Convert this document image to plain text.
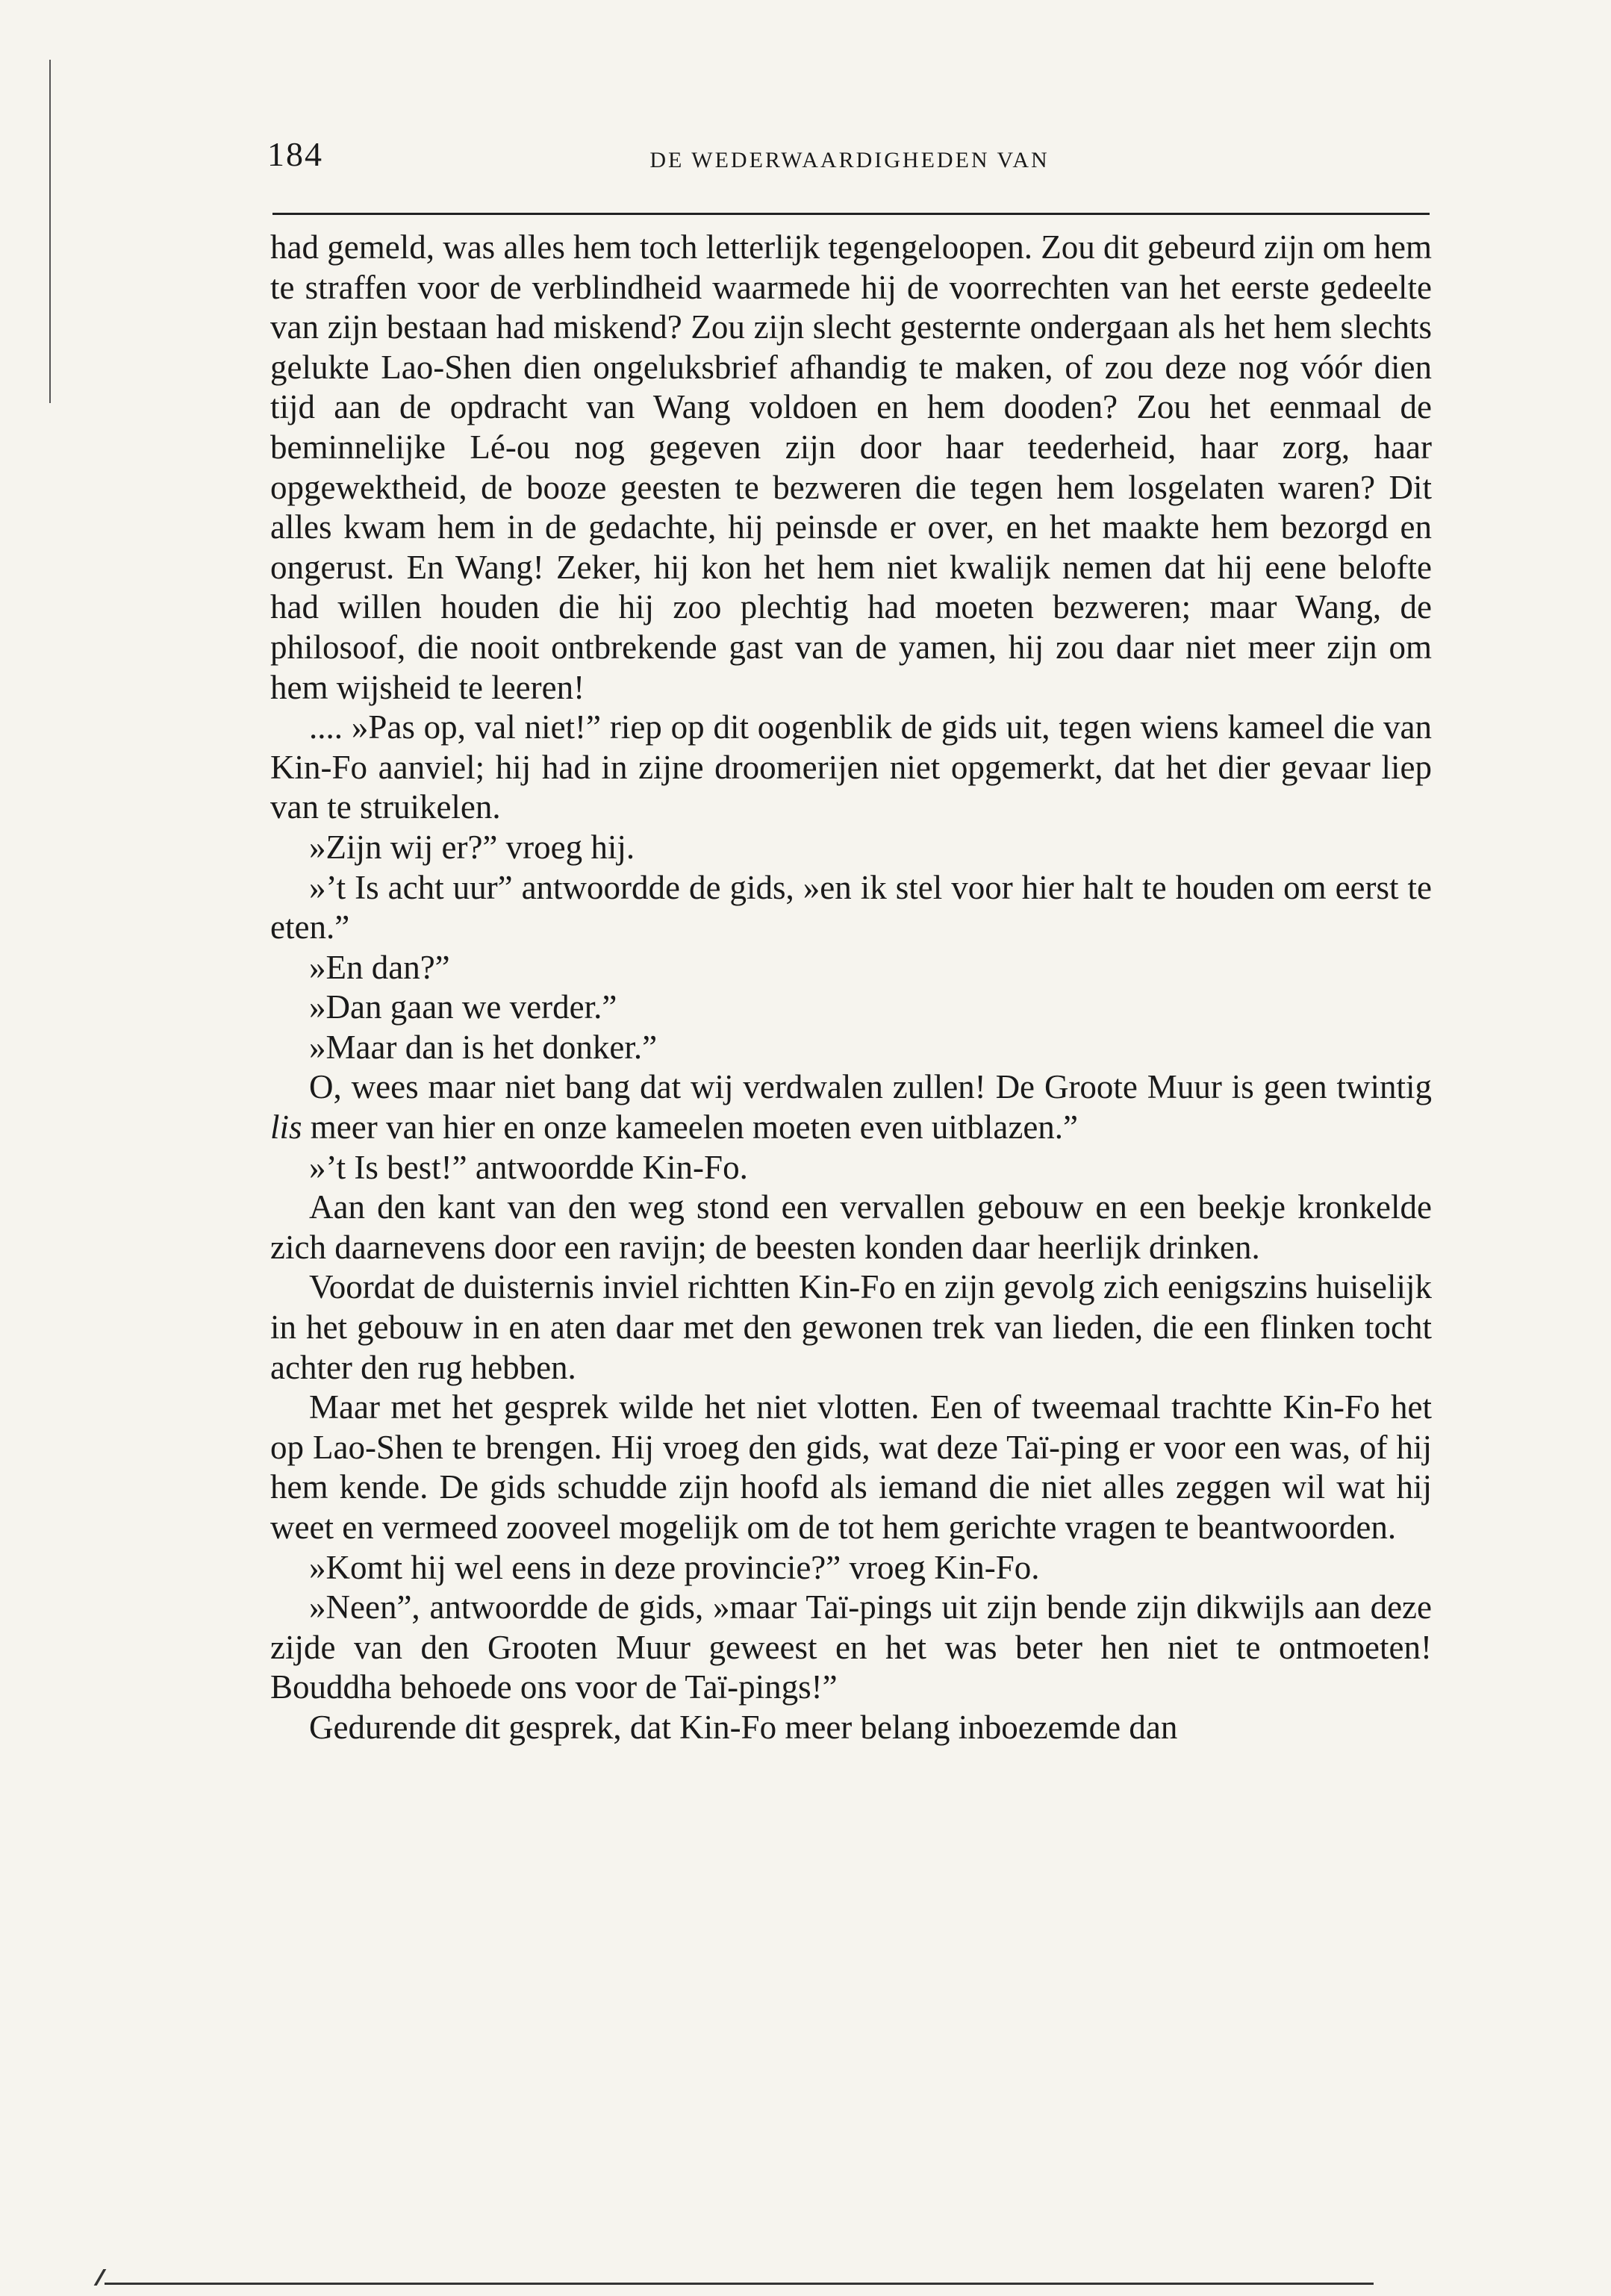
184	DE WEDERWAARDIGHEDEN VAN

had gemeld, was alles hem toch letterlijk tegengeloopen. Zou dit gebeurd zijn om hem te straffen voor de verblindheid waarmede hij de voorrechten van het eerste gedeelte van zijn bestaan had miskend? Zou zijn slecht gesternte ondergaan als het hem slechts gelukte Lao-Shen dien ongeluksbrief afhandig te maken, of zou deze nog vóór dien tijd aan de opdracht van Wang voldoen en hem dooden? Zou het eenmaal de beminnelijke Lé-ou nog gegeven zijn door haar teederheid, haar zorg, haar opgewektheid, de booze geesten te bezweren die tegen hem losgelaten waren? Dit alles kwam hem in de gedachte, hij peinsde er over, en het maakte hem bezorgd en ongerust. En Wang! Zeker, hij kon het hem niet kwalijk nemen dat hij eene belofte had willen houden die hij zoo plechtig had moeten bezweren; maar Wang, de philosoof, die nooit ontbrekende gast van de yamen, hij zou daar niet meer zijn om hem wijsheid te leeren!

.... »Pas op, val niet!” riep op dit oogenblik de gids uit, tegen wiens kameel die van Kin-Fo aanviel; hij had in zijne droomerijen niet opgemerkt, dat het dier gevaar liep van te struikelen.

»Zijn wij er?” vroeg hij.

»’t Is acht uur” antwoordde de gids, »en ik stel voor hier halt te houden om eerst te eten.”

»En dan?”

»Dan gaan we verder.”

»Maar dan is het donker.”

O, wees maar niet bang dat wij verdwalen zullen! De Groote Muur is geen twintig lis meer van hier en onze kameelen moeten even uitblazen.”

»’t Is best!” antwoordde Kin-Fo.

Aan den kant van den weg stond een vervallen gebouw en een beekje kronkelde zich daarnevens door een ravijn; de beesten konden daar heerlijk drinken.

Voordat de duisternis inviel richtten Kin-Fo en zijn gevolg zich eenigszins huiselijk in het gebouw in en aten daar met den gewonen trek van lieden, die een flinken tocht achter den rug hebben.

Maar met het gesprek wilde het niet vlotten. Een of tweemaal trachtte Kin-Fo het op Lao-Shen te brengen. Hij vroeg den gids, wat deze Taï-ping er voor een was, of hij hem kende. De gids schudde zijn hoofd als iemand die niet alles zeggen wil wat hij weet en vermeed zooveel mogelijk om de tot hem gerichte vragen te beantwoorden.

»Komt hij wel eens in deze provincie?” vroeg Kin-Fo.

»Neen”, antwoordde de gids, »maar Taï-pings uit zijn bende zijn dikwijls aan deze zijde van den Grooten Muur geweest en het was beter hen niet te ontmoeten! Bouddha behoede ons voor de Taï-pings!”

Gedurende dit gesprek, dat Kin-Fo meer belang inboezemde dan
